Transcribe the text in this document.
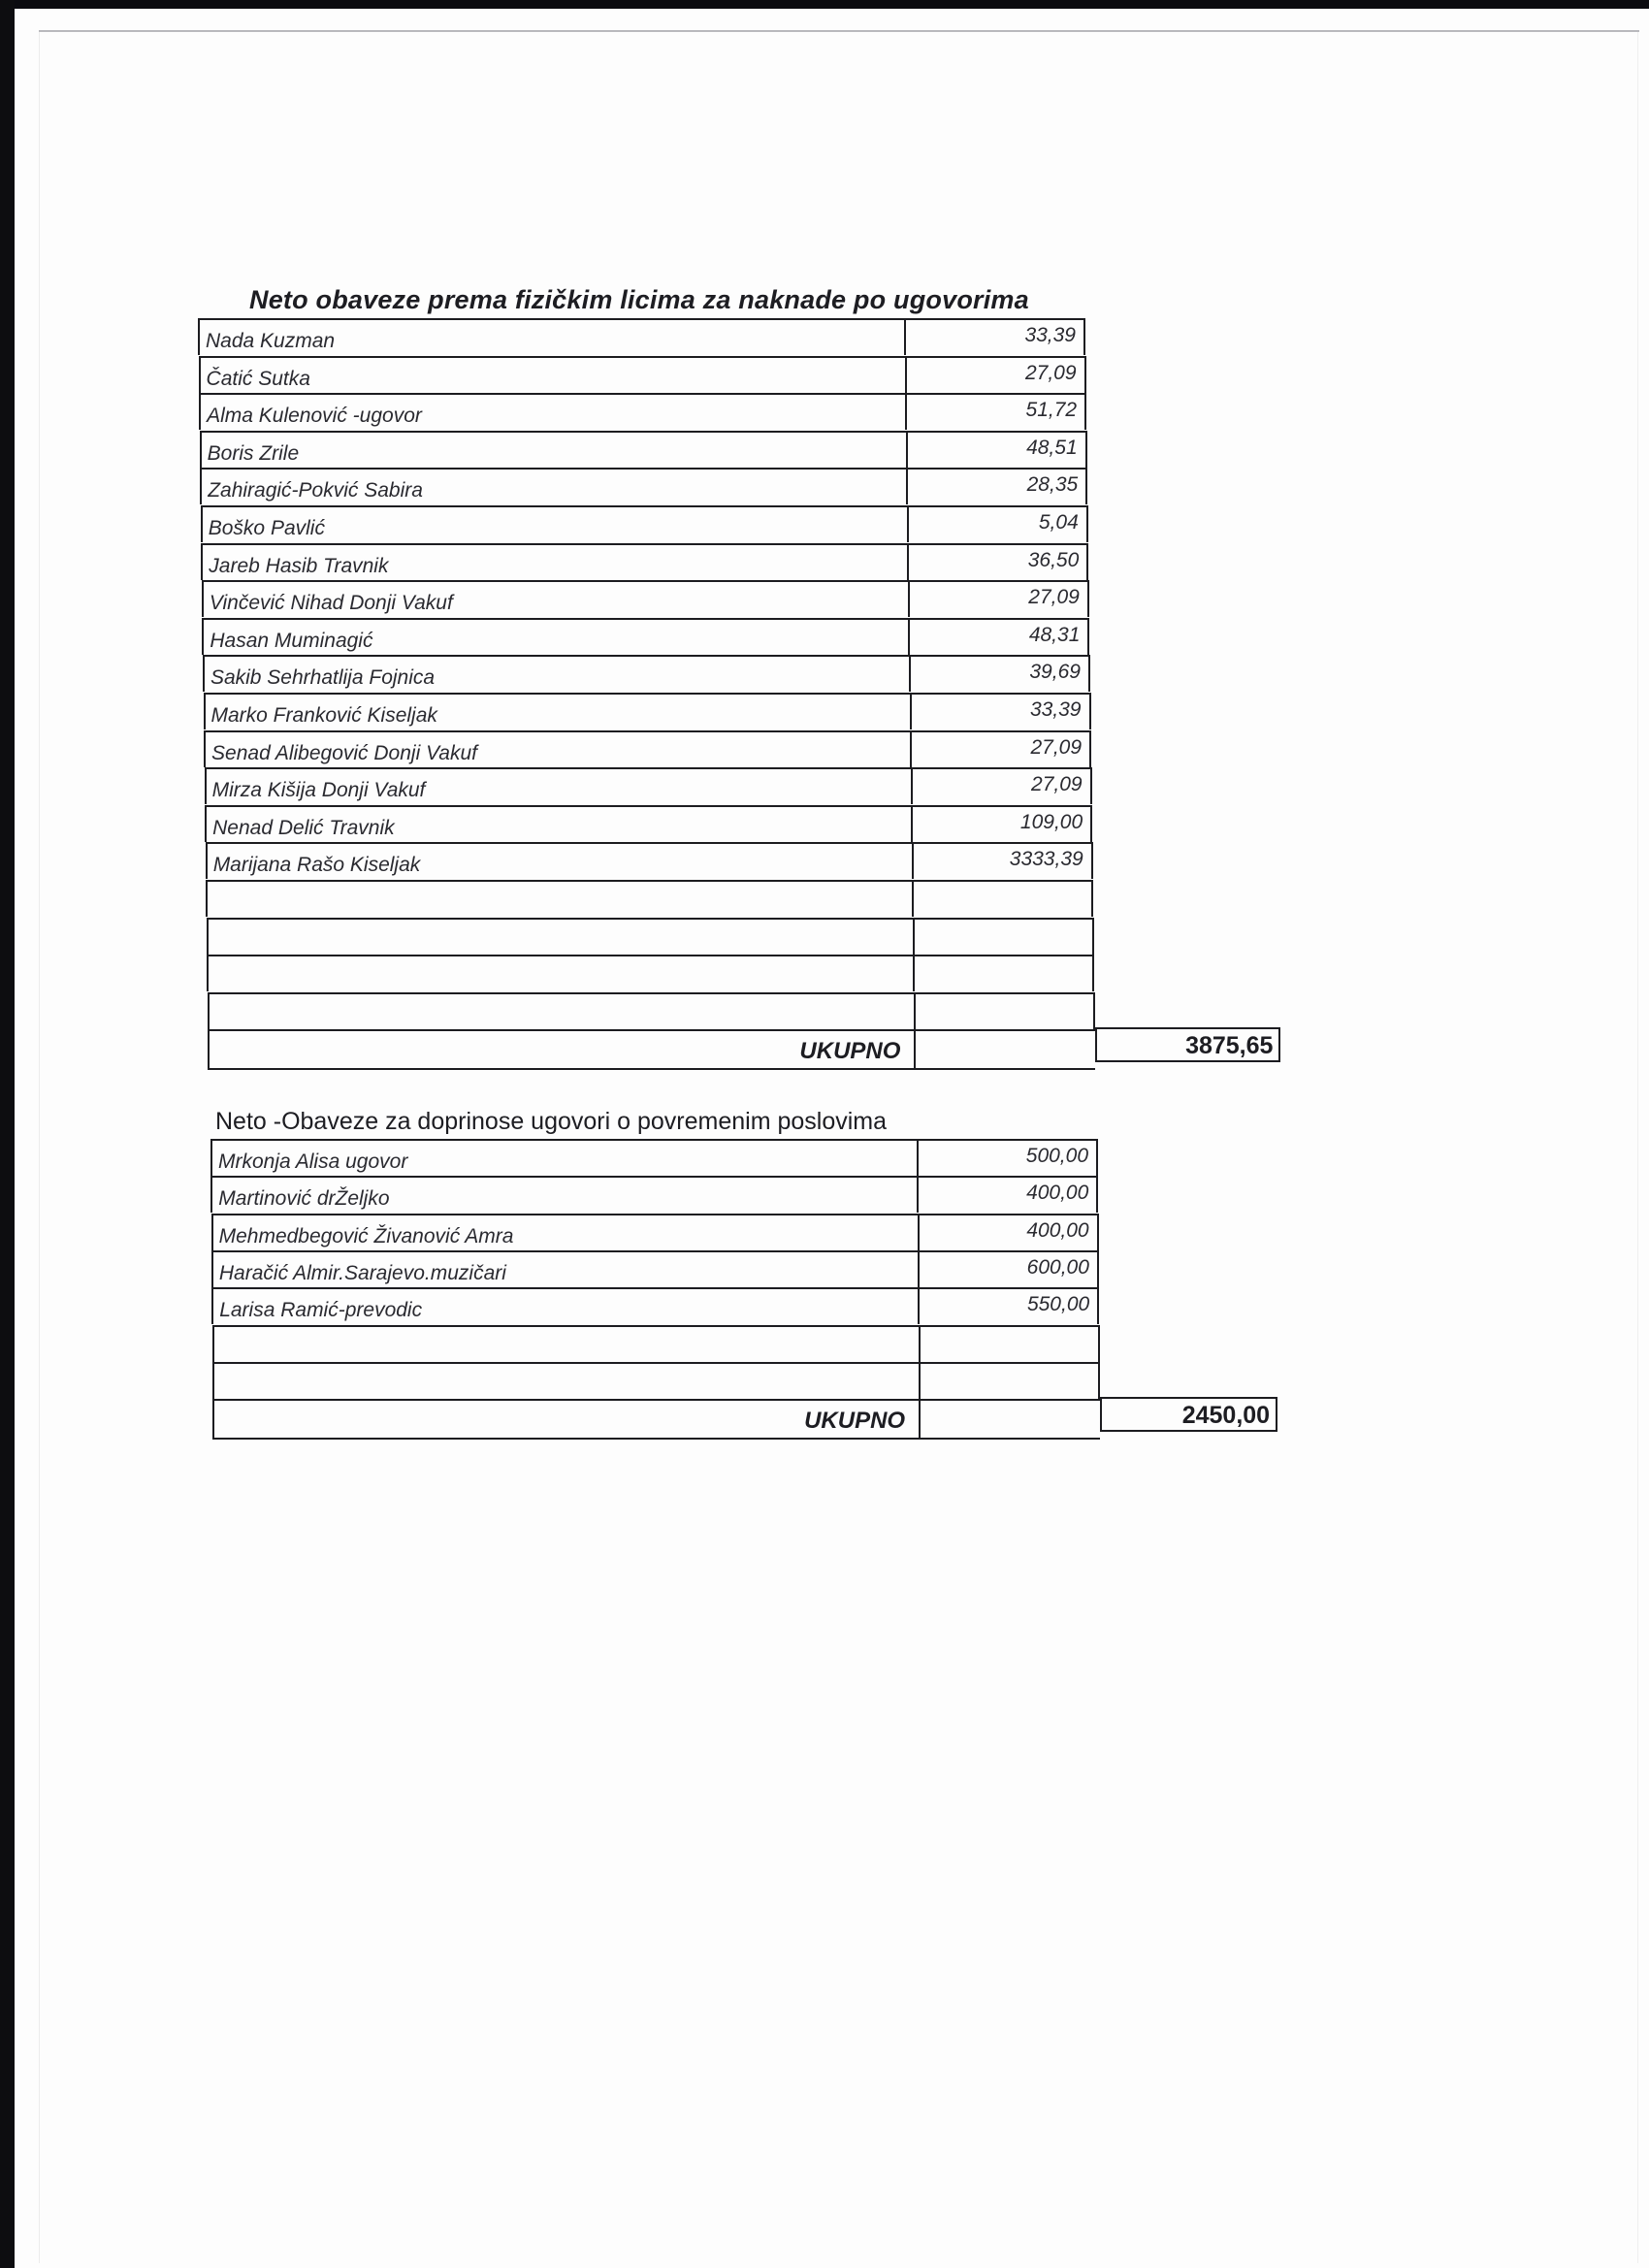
Neto obaveze prema fizičkim licima za naknade po ugovorima
Nada Kuzman	33,39
Čatić Sutka	27,09
Alma Kulenović -ugovor	51,72
Boris Zrile	48,51
Zahiragić-Pokvić Sabira	28,35
Boško Pavlić	5,04
Jareb Hasib Travnik	36,50
Vinčević Nihad Donji Vakuf	27,09
Hasan Muminagić	48,31
Sakib Sehrhatlija Fojnica	39,69
Marko Franković Kiseljak	33,39
Senad Alibegović Donji Vakuf	27,09
Mirza Kišija Donji Vakuf	27,09
Nenad Delić Travnik	109,00
Marijana Rašo Kiseljak	3333,39
UKUPNO	3875,65
Neto -Obaveze za doprinose ugovori o povremenim poslovima
Mrkonja Alisa ugovor	500,00
Martinović drŽeljko	400,00
Mehmedbegović Živanović Amra	400,00
Haračić Almir.Sarajevo.muzičari	600,00
Larisa Ramić-prevodic	550,00
UKUPNO	2450,00
